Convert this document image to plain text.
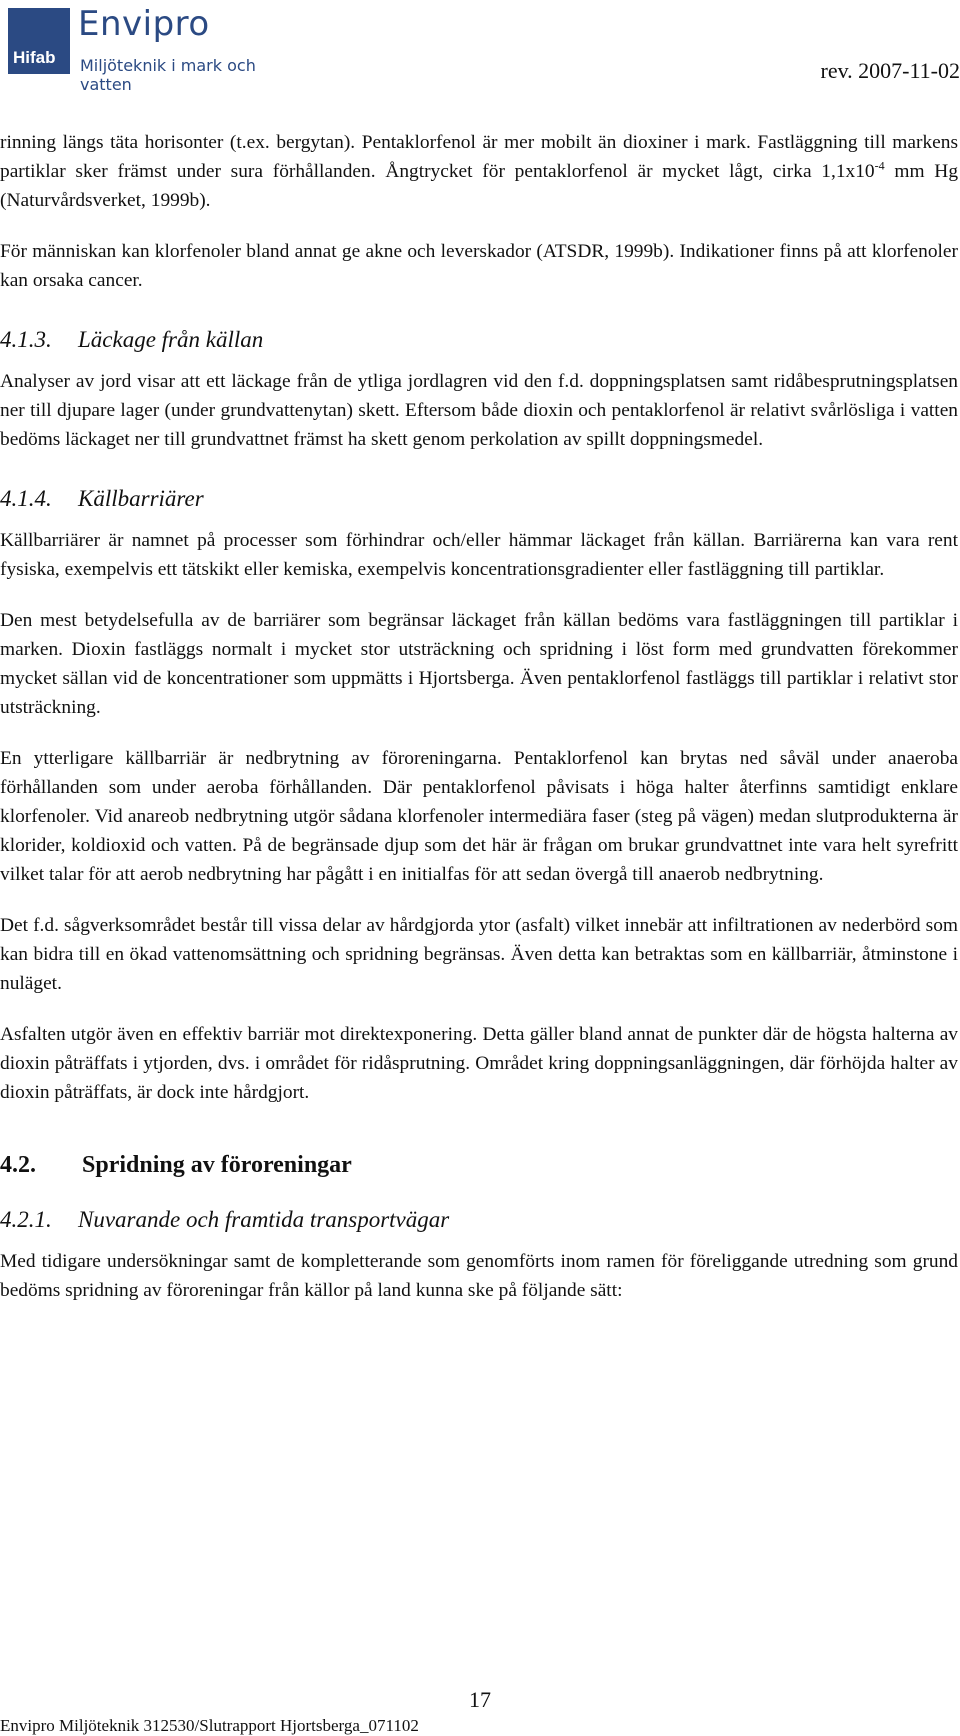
Hifab
Envipro
Miljöteknik i mark och vatten
rev. 2007-11-02

rinning längs täta horisonter (t.ex. bergytan). Pentaklorfenol är mer mobilt än dioxiner i mark. Fastläggning till markens partiklar sker främst under sura förhållanden. Ångtrycket för pentaklorfenol är mycket lågt, cirka $1,1x10^{-4}$ mm Hg (Naturvårdsverket, 1999b).

För människan kan klorfenoler bland annat ge akne och leverskador (ATSDR, 1999b). Indikationer finns på att klorfenoler kan orsaka cancer.

4.1.3. Läckage från källan

Analyser av jord visar att ett läckage från de ytliga jordlagren vid den f.d. doppningsplatsen samt ridåbesprutningsplatsen ner till djupare lager (under grundvattenytan) skett. Eftersom både dioxin och pentaklorfenol är relativt svårlösliga i vatten bedöms läckaget ner till grundvattnet främst ha skett genom perkolation av spillt doppningsmedel.

4.1.4. Källbarriärer

Källbarriärer är namnet på processer som förhindrar och/eller hämmar läckaget från källan. Barriärerna kan vara rent fysiska, exempelvis ett tätskikt eller kemiska, exempelvis koncentrationsgradienter eller fastläggning till partiklar.

Den mest betydelsefulla av de barriärer som begränsar läckaget från källan bedöms vara fastläggningen till partiklar i marken. Dioxin fastläggs normalt i mycket stor utsträckning och spridning i löst form med grundvatten förekommer mycket sällan vid de koncentrationer som uppmätts i Hjortsberga. Även pentaklorfenol fastläggs till partiklar i relativt stor utsträckning.

En ytterligare källbarriär är nedbrytning av föroreningarna. Pentaklorfenol kan brytas ned såväl under anaeroba förhållanden som under aeroba förhållanden. Där pentaklorfenol påvisats i höga halter återfinns samtidigt enklare klorfenoler. Vid anareob nedbrytning utgör sådana klorfenoler intermediära faser (steg på vägen) medan slutprodukterna är klorider, koldioxid och vatten. På de begränsade djup som det här är frågan om brukar grundvattnet inte vara helt syrefritt vilket talar för att aerob nedbrytning har pågått i en initialfas för att sedan övergå till anaerob nedbrytning.

Det f.d. sågverksområdet består till vissa delar av hårdgjorda ytor (asfalt) vilket innebär att infiltrationen av nederbörd som kan bidra till en ökad vattenomsättning och spridning begränsas. Även detta kan betraktas som en källbarriär, åtminstone i nuläget.

Asfalten utgör även en effektiv barriär mot direktexponering. Detta gäller bland annat de punkter där de högsta halterna av dioxin påträffats i ytjorden, dvs. i området för ridåsprutning. Området kring doppningsanläggningen, där förhöjda halter av dioxin påträffats, är dock inte hårdgjort.

4.2. Spridning av föroreningar
4.2.1. Nuvarande och framtida transportvägar

Med tidigare undersökningar samt de kompletterande som genomförts inom ramen för föreliggande utredning som grund bedöms spridning av föroreningar från källor på land kunna ske på följande sätt:

17
Envipro Miljöteknik 312530/Slutrapport Hjortsberga_071102
